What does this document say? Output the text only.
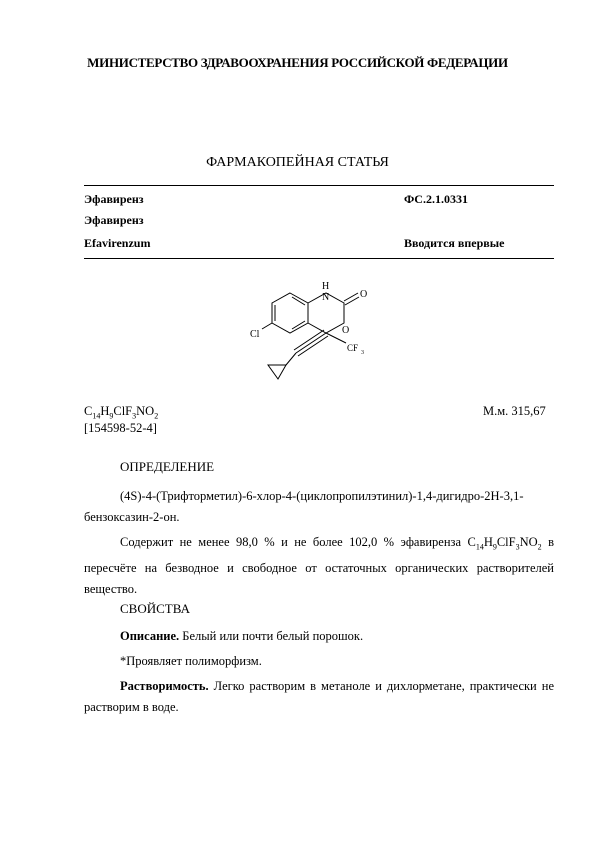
МИНИСТЕРСТВО ЗДРАВООХРАНЕНИЯ РОССИЙСКОЙ ФЕДЕРАЦИИ
ФАРМАКОПЕЙНАЯ СТАТЬЯ
Эфавиренз	ФС.2.1.0331
Эфавиренз
Efavirenzum	Вводится впервые
H
N	O
O
Cl
CF 3
$C_{14}H_9ClF_3NO_2$	М.м. 315,67
[154598-52-4]
ОПРЕДЕЛЕНИЕ
(4S)-4-(Трифторметил)-6-хлор-4-(циклопропилэтинил)-1,4-дигидро-2H-3,1-бензоксазин-2-он.
Содержит не менее 98,0 % и не более 102,0 % эфавиренза $C_{14}H_9ClF_3NO_2$ в пересчёте на безводное и свободное от остаточных органических растворителей вещество.
СВОЙСТВА
Описание. Белый или почти белый порошок.
*Проявляет полиморфизм.
Растворимость. Легко растворим в метаноле и дихлорметане, практически не растворим в воде.
